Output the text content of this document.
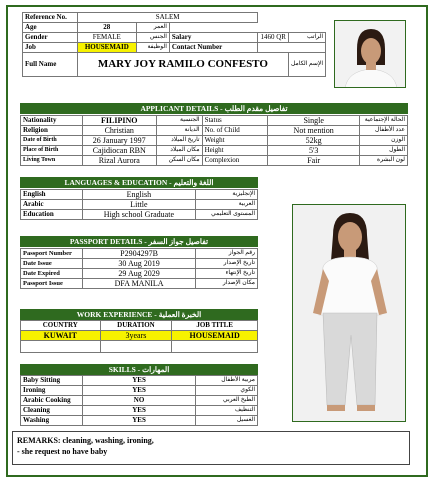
Reference No.	SALEM				
Age	28	العمر			
Gender	FEMALE	الجنس	Salary	1460 QR	الراتب
Job	HOUSEMAID	الوظيفة	Contact Number		
Full Name	MARY JOY RAMILO CONFESTO				الإسم الكامل
APPLICANT DETAILS - تفاصيل مقدم الطلب
Nationality	FILIPINO	الجنسية	Status	Single	الحالة الإجتماعية
Religion	Christian	الديانة	No. of Child	Not mention	عدد الأطفال
Date of Birth	26 January 1997	تاريخ الميلاد	Weight	52kg	الوزن
Place of Birth	Cajidiocan RBN	مكان الميلاد	Height	5'3	الطول
Living Town	Rizal Aurora	مكان السكن	Complexion	Fair	لون البشرة
LANGUAGES & EDUCATION - اللغة والتعليم
English	English	الإنجليزية
Arabic	Little	العربية
Education	High school Graduate	المستوى التعليمي
PASSPORT DETAILS - تفاصيل جواز السفر
Passport Number	P2904297B	رقم الجواز
Date Issue	30 Aug 2019	تاريخ الإصدار
Date Expired	29 Aug 2029	تاريخ الإنتهاء
Passport Issue	DFA MANILA	مكان الإصدار
WORK EXPERIENCE - الخبرة العملية
COUNTRY	DURATION	JOB TITLE
KUWAIT	3years	HOUSEMAID

SKILLS - المهارات
Baby Sitting	YES	مربية الأطفال
Ironing	YES	الكوي
Arabic Cooking	NO	الطبخ العربي
Cleaning	YES	التنظيف
Washing	YES	الغسيل
REMARKS: cleaning, washing, ironing,
- she request no have baby
